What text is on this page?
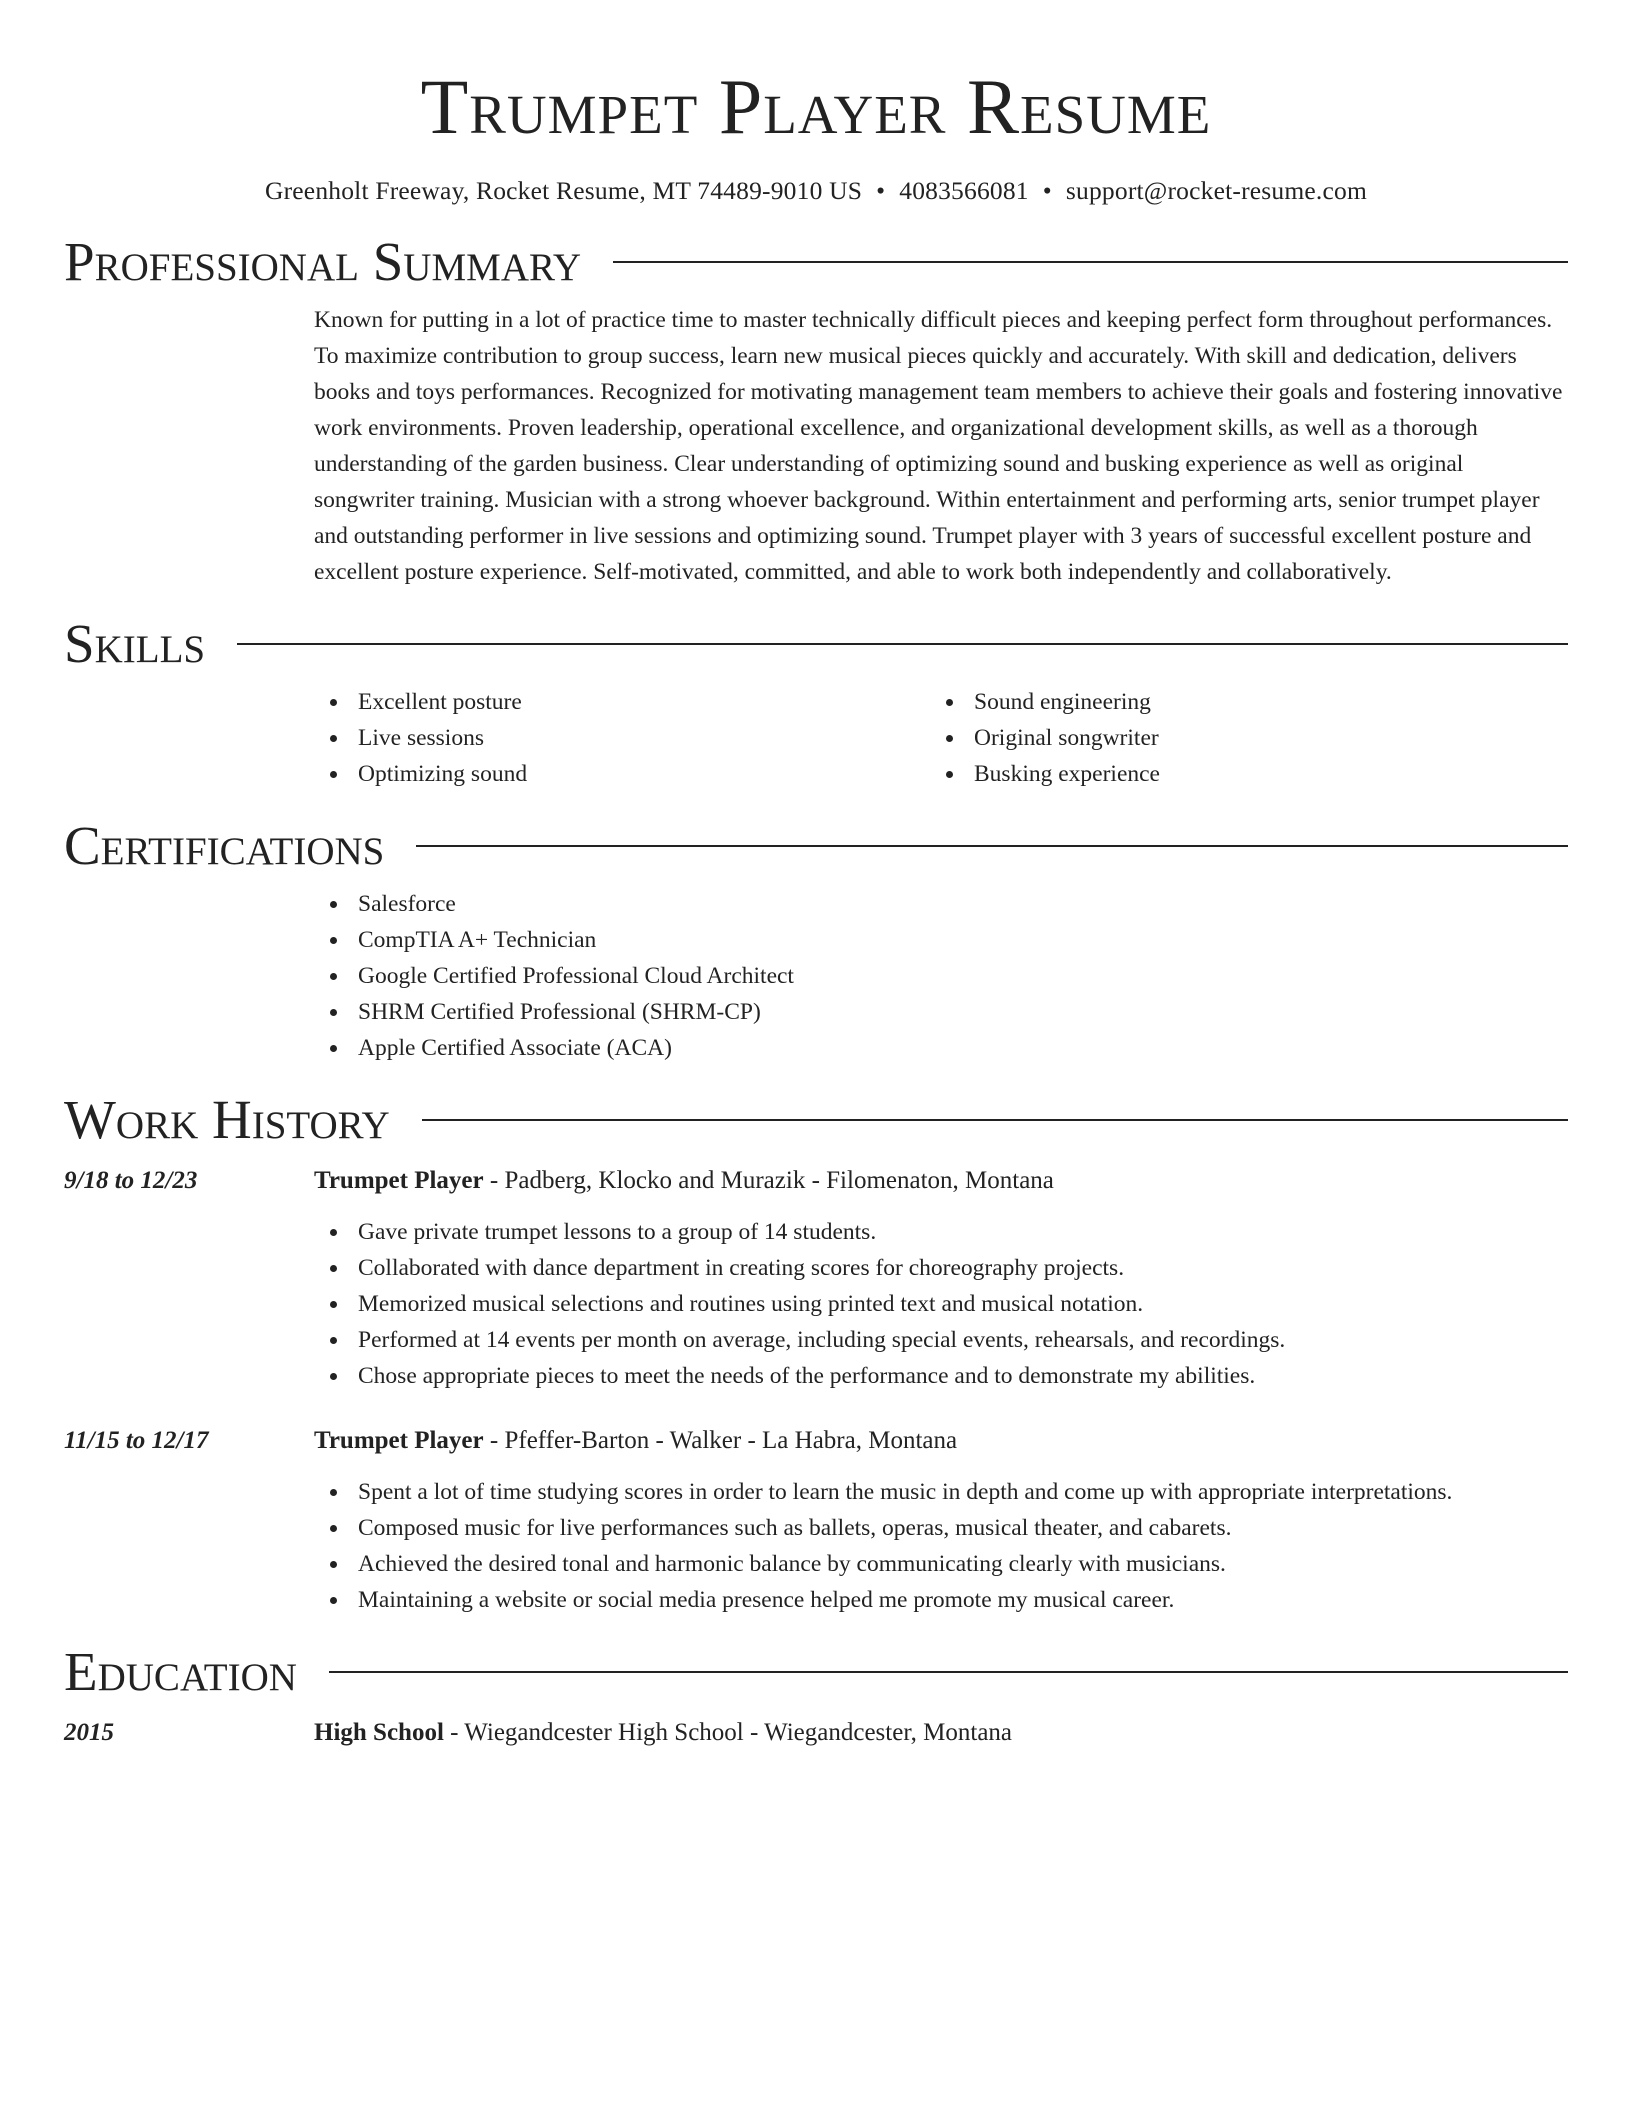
Trumpet Player Resume
Greenholt Freeway, Rocket Resume, MT 74489-9010 US • 4083566081 • support@rocket-resume.com
Professional Summary
Known for putting in a lot of practice time to master technically difficult pieces and keeping perfect form throughout performances. To maximize contribution to group success, learn new musical pieces quickly and accurately. With skill and dedication, delivers books and toys performances. Recognized for motivating management team members to achieve their goals and fostering innovative work environments. Proven leadership, operational excellence, and organizational development skills, as well as a thorough understanding of the garden business. Clear understanding of optimizing sound and busking experience as well as original songwriter training. Musician with a strong whoever background. Within entertainment and performing arts, senior trumpet player and outstanding performer in live sessions and optimizing sound. Trumpet player with 3 years of successful excellent posture and excellent posture experience. Self-motivated, committed, and able to work both independently and collaboratively.
Skills
Excellent posture
Live sessions
Optimizing sound
Sound engineering
Original songwriter
Busking experience
Certifications
Salesforce
CompTIA A+ Technician
Google Certified Professional Cloud Architect
SHRM Certified Professional (SHRM-CP)
Apple Certified Associate (ACA)
Work History
9/18 to 12/23	Trumpet Player - Padberg, Klocko and Murazik - Filomenaton, Montana
Gave private trumpet lessons to a group of 14 students.
Collaborated with dance department in creating scores for choreography projects.
Memorized musical selections and routines using printed text and musical notation.
Performed at 14 events per month on average, including special events, rehearsals, and recordings.
Chose appropriate pieces to meet the needs of the performance and to demonstrate my abilities.
11/15 to 12/17	Trumpet Player - Pfeffer-Barton - Walker - La Habra, Montana
Spent a lot of time studying scores in order to learn the music in depth and come up with appropriate interpretations.
Composed music for live performances such as ballets, operas, musical theater, and cabarets.
Achieved the desired tonal and harmonic balance by communicating clearly with musicians.
Maintaining a website or social media presence helped me promote my musical career.
Education
2015	High School - Wiegandcester High School - Wiegandcester, Montana
